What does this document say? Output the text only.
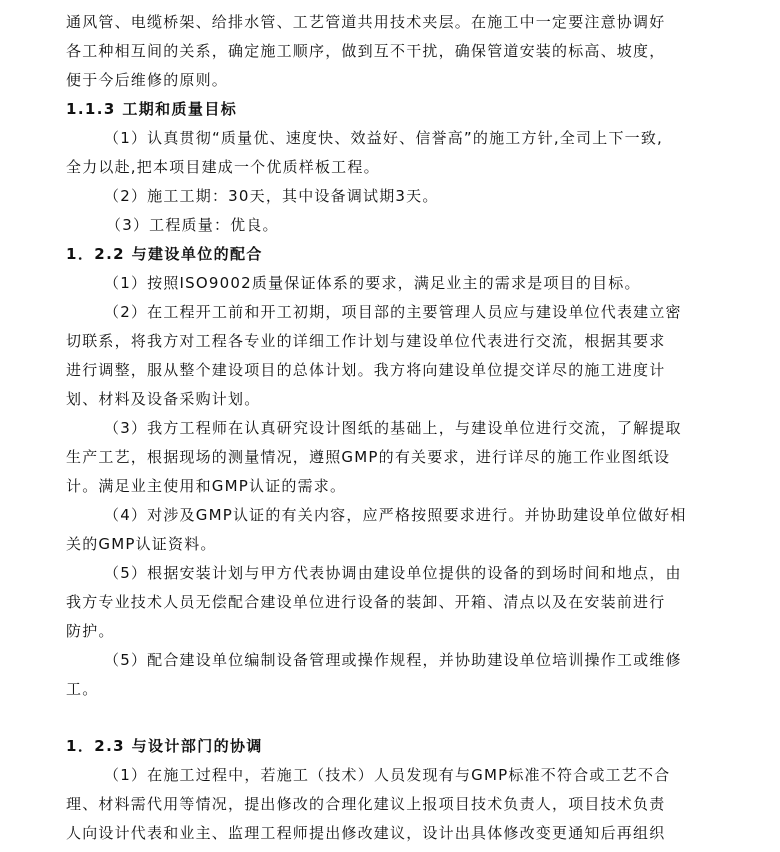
通风管、电缆桥架、给排水管、工艺管道共用技术夹层。在施工中一定要注意协调好
各工种相互间的关系，确定施工顺序，做到互不干扰，确保管道安装的标高、坡度，
便于今后维修的原则。
1.1.3 工期和质量目标
（1）认真贯彻“质量优、速度快、效益好、信誉高”的施工方针,全司上下一致,
全力以赴,把本项目建成一个优质样板工程。
（2）施工工期：30天，其中设备调试期3天。
（3）工程质量：优良。
1．2.2 与建设单位的配合
（1）按照ISO9002质量保证体系的要求，满足业主的需求是项目的目标。
（2）在工程开工前和开工初期，项目部的主要管理人员应与建设单位代表建立密
切联系，将我方对工程各专业的详细工作计划与建设单位代表进行交流，根据其要求
进行调整，服从整个建设项目的总体计划。我方将向建设单位提交详尽的施工进度计
划、材料及设备采购计划。
（3）我方工程师在认真研究设计图纸的基础上，与建设单位进行交流，了解提取
生产工艺，根据现场的测量情况，遵照GMP的有关要求，进行详尽的施工作业图纸设
计。满足业主使用和GMP认证的需求。
（4）对涉及GMP认证的有关内容，应严格按照要求进行。并协助建设单位做好相
关的GMP认证资料。
（5）根据安装计划与甲方代表协调由建设单位提供的设备的到场时间和地点，由
我方专业技术人员无偿配合建设单位进行设备的装卸、开箱、清点以及在安装前进行
防护。
（5）配合建设单位编制设备管理或操作规程，并协助建设单位培训操作工或维修
工。
1．2.3 与设计部门的协调
（1）在施工过程中，若施工（技术）人员发现有与GMP标准不符合或工艺不合
理、材料需代用等情况，提出修改的合理化建议上报项目技术负责人，项目技术负责
人向设计代表和业主、监理工程师提出修改建议，设计出具体修改变更通知后再组织
